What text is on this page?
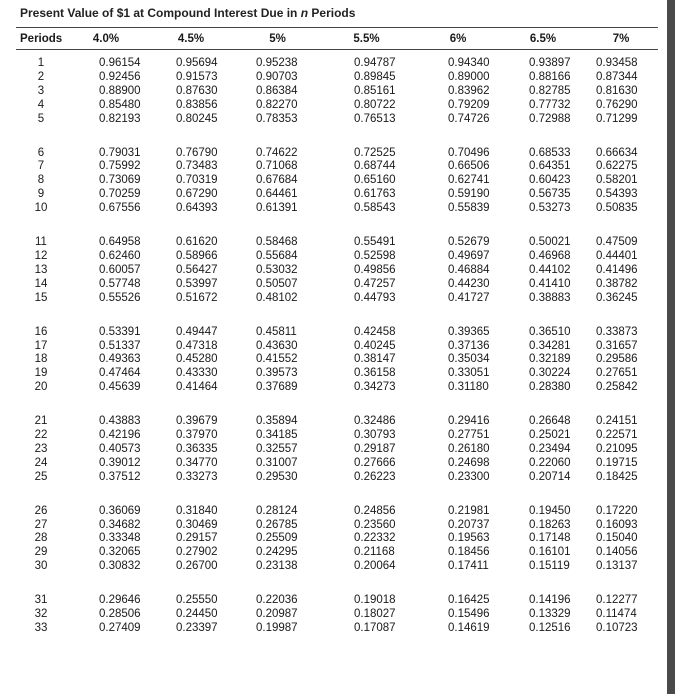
Present Value of $1 at Compound Interest Due in n Periods
Periods	4.0%	4.5%	5%	5.5%	6%	6.5%	7%

1	0.96154	0.95694	0.95238	0.94787	0.94340	0.93897	0.93458
2	0.92456	0.91573	0.90703	0.89845	0.89000	0.88166	0.87344
3	0.88900	0.87630	0.86384	0.85161	0.83962	0.82785	0.81630
4	0.85480	0.83856	0.82270	0.80722	0.79209	0.77732	0.76290
5	0.82193	0.80245	0.78353	0.76513	0.74726	0.72988	0.71299

6	0.79031	0.76790	0.74622	0.72525	0.70496	0.68533	0.66634
7	0.75992	0.73483	0.71068	0.68744	0.66506	0.64351	0.62275
8	0.73069	0.70319	0.67684	0.65160	0.62741	0.60423	0.58201
9	0.70259	0.67290	0.64461	0.61763	0.59190	0.56735	0.54393
10	0.67556	0.64393	0.61391	0.58543	0.55839	0.53273	0.50835

11	0.64958	0.61620	0.58468	0.55491	0.52679	0.50021	0.47509
12	0.62460	0.58966	0.55684	0.52598	0.49697	0.46968	0.44401
13	0.60057	0.56427	0.53032	0.49856	0.46884	0.44102	0.41496
14	0.57748	0.53997	0.50507	0.47257	0.44230	0.41410	0.38782
15	0.55526	0.51672	0.48102	0.44793	0.41727	0.38883	0.36245

16	0.53391	0.49447	0.45811	0.42458	0.39365	0.36510	0.33873
17	0.51337	0.47318	0.43630	0.40245	0.37136	0.34281	0.31657
18	0.49363	0.45280	0.41552	0.38147	0.35034	0.32189	0.29586
19	0.47464	0.43330	0.39573	0.36158	0.33051	0.30224	0.27651
20	0.45639	0.41464	0.37689	0.34273	0.31180	0.28380	0.25842

21	0.43883	0.39679	0.35894	0.32486	0.29416	0.26648	0.24151
22	0.42196	0.37970	0.34185	0.30793	0.27751	0.25021	0.22571
23	0.40573	0.36335	0.32557	0.29187	0.26180	0.23494	0.21095
24	0.39012	0.34770	0.31007	0.27666	0.24698	0.22060	0.19715
25	0.37512	0.33273	0.29530	0.26223	0.23300	0.20714	0.18425

26	0.36069	0.31840	0.28124	0.24856	0.21981	0.19450	0.17220
27	0.34682	0.30469	0.26785	0.23560	0.20737	0.18263	0.16093
28	0.33348	0.29157	0.25509	0.22332	0.19563	0.17148	0.15040
29	0.32065	0.27902	0.24295	0.21168	0.18456	0.16101	0.14056
30	0.30832	0.26700	0.23138	0.20064	0.17411	0.15119	0.13137

31	0.29646	0.25550	0.22036	0.19018	0.16425	0.14196	0.12277
32	0.28506	0.24450	0.20987	0.18027	0.15496	0.13329	0.11474
33	0.27409	0.23397	0.19987	0.17087	0.14619	0.12516	0.10723
